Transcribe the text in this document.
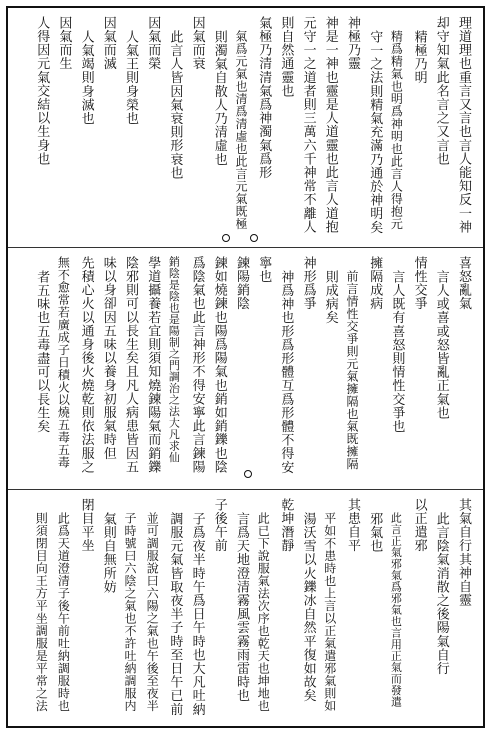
理道理也重言又言也言人能知反一神
却守知氣此名言之又言也
精極乃明
精爲精氣也明爲神明也此言人得抱元
守一之法則精氣充滿乃通於神明矣
神極乃靈
神是一神也靈是人道靈也此言人道抱
元守一之道者則三萬六千神常不離人
則自然通靈也
氣極乃清清氣爲神濁氣爲形
氣爲元氣也清爲清虛也此言元氣既極
則濁氣自散人乃清虛也
因氣而衰
此言人皆因氣衰則形衰也
因氣而榮
人氣王則身榮也
因氣而滅
人氣竭則身滅也
因氣而生
人得因元氣交結以生身也
喜怒亂氣
言人或喜或怒皆亂正氣也
情性交爭
言人既有喜怒則情性交爭也
擁隔成病
前言情性交爭則元氣擁隔也氣既擁隔
則成病矣
神形爲爭
神爲神也形爲形體互爲形體不得安
寧也
鍊陽銷陰
鍊如燒鍊也陽爲陽氣也銷如銷鑠也陰
爲陰氣也此言神形不得安寧此言鍊陽
銷陰是陰也是陽制之門調治之法大凡求仙
學道攝養若宜則須知燒鍊陽氣而銷鑠
陰邪則可以長生矣且凡人病患皆因五
味以身卻因五味以養身初服氣時但
先積心火以通身後火燒乾則依法服之
無不愈常若廣成子日積火以燒五毒五毒
者五味也五毒盡可以長生矣
其氣自行其神自靈
此言陰氣消散之後陽氣自行
以正遣邪
此言正氣邪氣爲邪氣也言用正氣而發遣
邪氣也
其患自平
平如不患時也上言以正氣遣邪氣則如
湯沃雪以火鑠冰自然平復如故矣
乾坤潛靜
此已下說服氣法次序也乾天也坤地也
言爲天地澄清霧風雲霧雨雷時也
子後午前
子爲夜半時午爲日午時也大凡吐納
調服元氣皆取夜半子時至日午已前
並可調服說曰六陽之氣也午後至夜半
子時號曰六陰之氣也不許吐納調服内
氣則自無所妨
閉目平坐
此爲天道澄清子後午前吐納調服時也
則須閉目向王方平坐調服是平常之法
